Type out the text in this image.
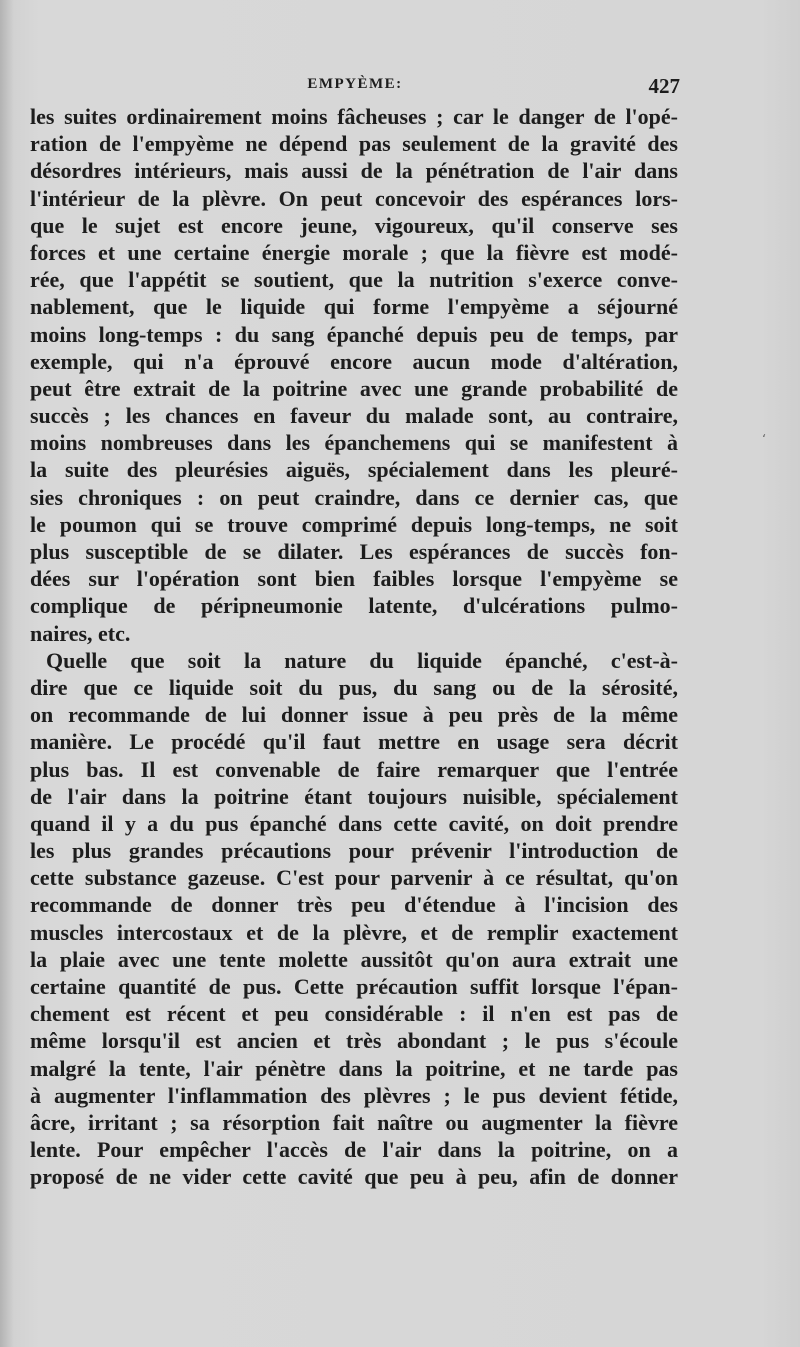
EMPYÈME:	427
les suites ordinairement moins fâcheuses ; car le danger de l'opé-
ration de l'empyème ne dépend pas seulement de la gravité des
désordres intérieurs, mais aussi de la pénétration de l'air dans
l'intérieur de la plèvre. On peut concevoir des espérances lors-
que le sujet est encore jeune, vigoureux, qu'il conserve ses
forces et une certaine énergie morale ; que la fièvre est modé-
rée, que l'appétit se soutient, que la nutrition s'exerce conve-
nablement, que le liquide qui forme l'empyème a séjourné
moins long-temps : du sang épanché depuis peu de temps, par
exemple, qui n'a éprouvé encore aucun mode d'altération,
peut être extrait de la poitrine avec une grande probabilité de
succès ; les chances en faveur du malade sont, au contraire,
moins nombreuses dans les épanchemens qui se manifestent à
la suite des pleurésies aiguës, spécialement dans les pleuré-
sies chroniques : on peut craindre, dans ce dernier cas, que
le poumon qui se trouve comprimé depuis long-temps, ne soit
plus susceptible de se dilater. Les espérances de succès fon-
dées sur l'opération sont bien faibles lorsque l'empyème se
complique de péripneumonie latente, d'ulcérations pulmo-
naires, etc.
Quelle que soit la nature du liquide épanché, c'est-à-
dire que ce liquide soit du pus, du sang ou de la sérosité,
on recommande de lui donner issue à peu près de la même
manière. Le procédé qu'il faut mettre en usage sera décrit
plus bas. Il est convenable de faire remarquer que l'entrée
de l'air dans la poitrine étant toujours nuisible, spécialement
quand il y a du pus épanché dans cette cavité, on doit prendre
les plus grandes précautions pour prévenir l'introduction de
cette substance gazeuse. C'est pour parvenir à ce résultat, qu'on
recommande de donner très peu d'étendue à l'incision des
muscles intercostaux et de la plèvre, et de remplir exactement
la plaie avec une tente molette aussitôt qu'on aura extrait une
certaine quantité de pus. Cette précaution suffit lorsque l'épan-
chement est récent et peu considérable : il n'en est pas de
même lorsqu'il est ancien et très abondant ; le pus s'écoule
malgré la tente, l'air pénètre dans la poitrine, et ne tarde pas
à augmenter l'inflammation des plèvres ; le pus devient fétide,
âcre, irritant ; sa résorption fait naître ou augmenter la fièvre
lente. Pour empêcher l'accès de l'air dans la poitrine, on a
proposé de ne vider cette cavité que peu à peu, afin de donner
‘
